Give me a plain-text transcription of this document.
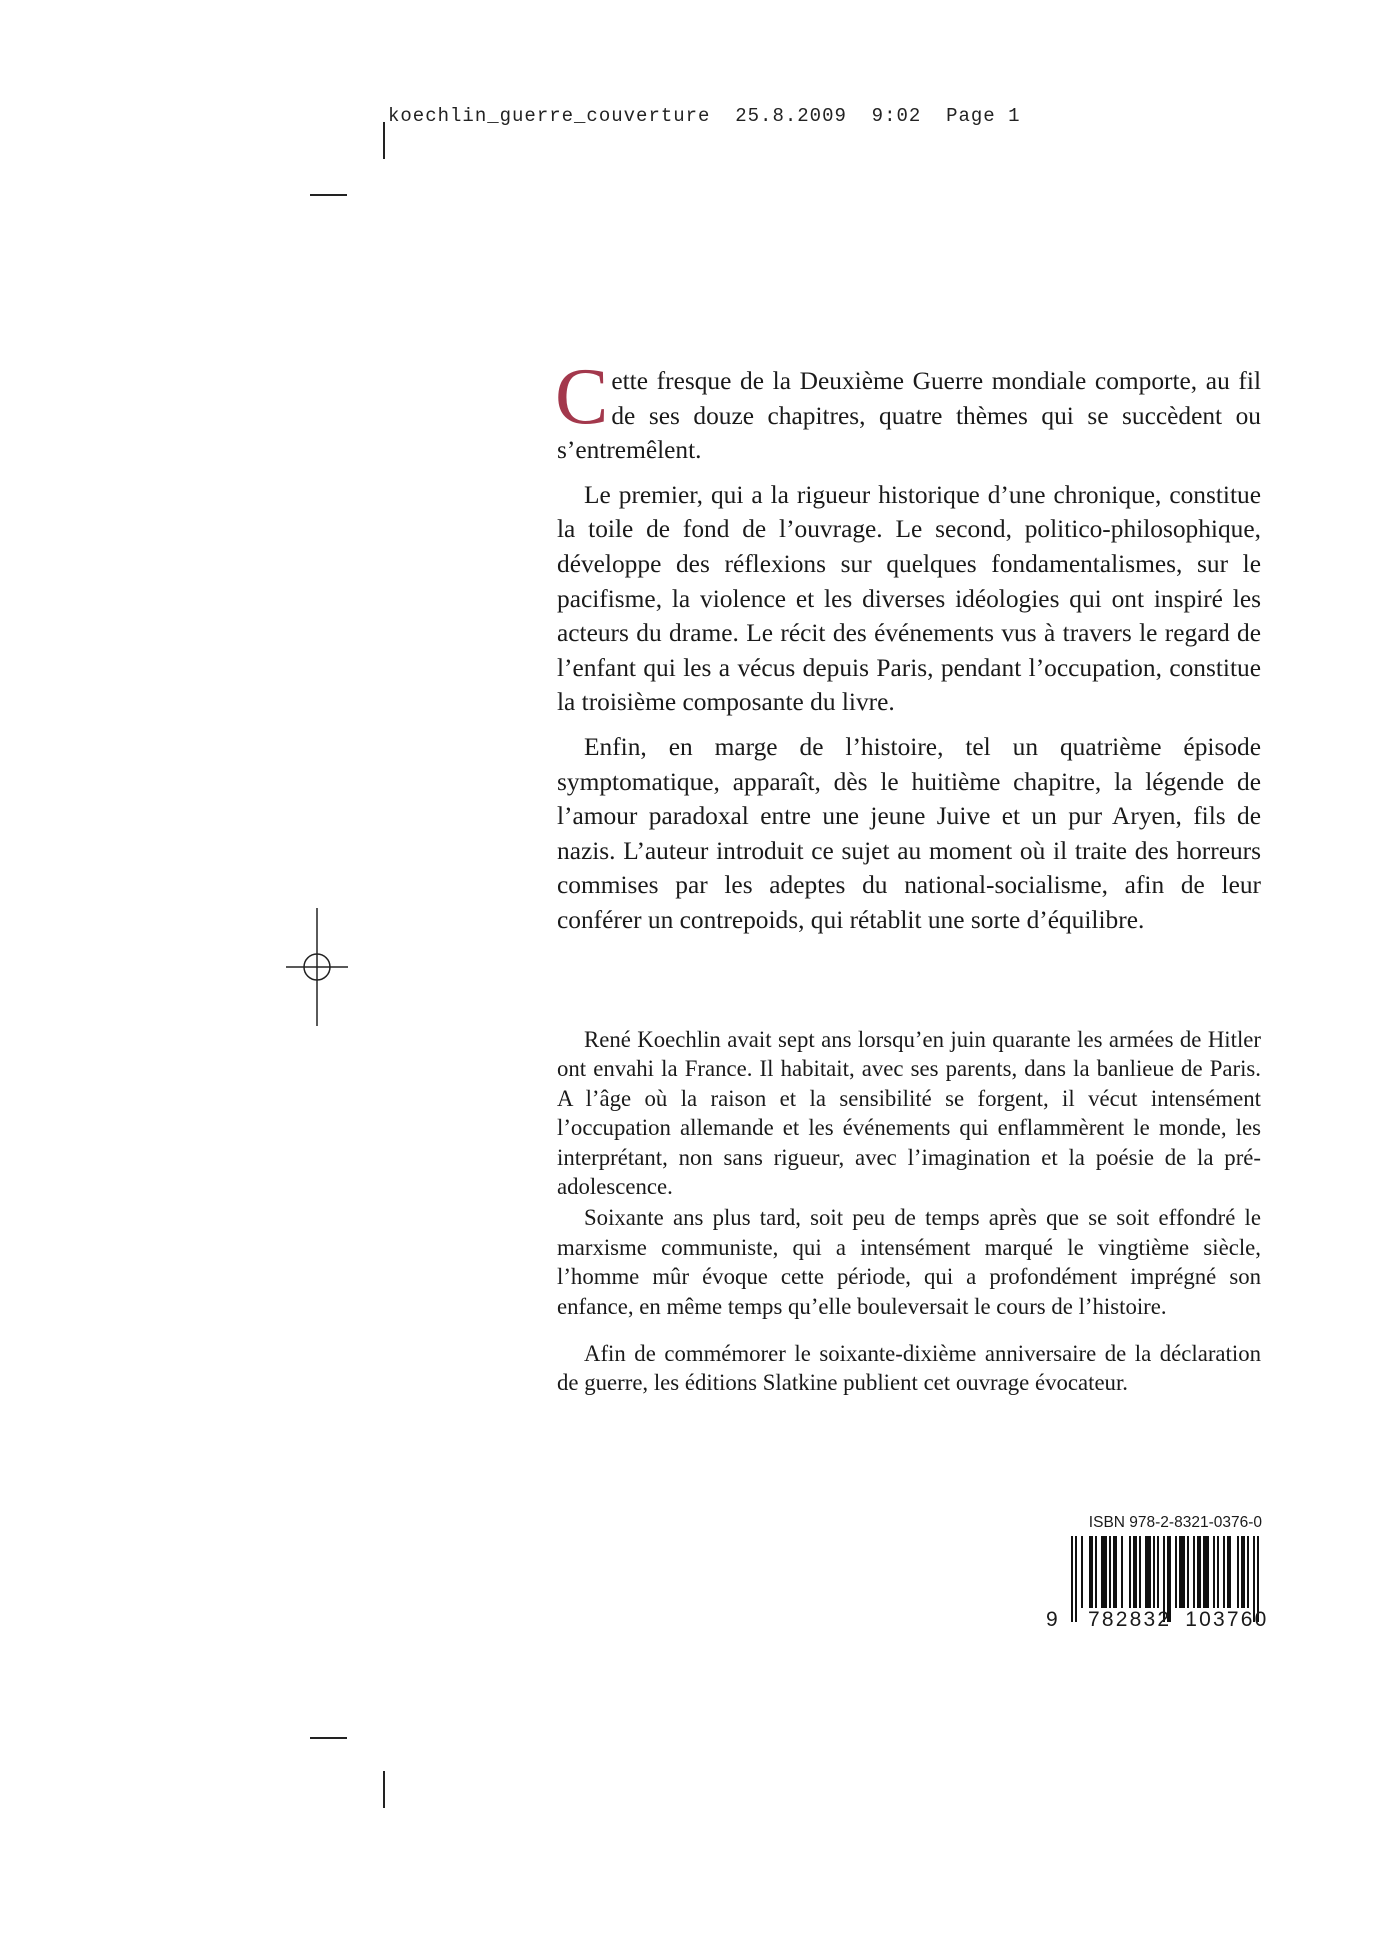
koechlin_guerre_couverture  25.8.2009  9:02  Page 1

Cette fresque de la Deuxième Guerre mondiale comporte, au fil de ses douze chapitres, quatre thèmes qui se succèdent ou s’entremêlent.

Le premier, qui a la rigueur historique d’une chronique, constitue la toile de fond de l’ouvrage. Le second, politico-philosophique, développe des réflexions sur quelques fondamentalismes, sur le pacifisme, la violence et les diverses idéologies qui ont inspiré les acteurs du drame. Le récit des événements vus à travers le regard de l’enfant qui les a vécus depuis Paris, pendant l’occupation, constitue la troisième composante du livre.

Enfin, en marge de l’histoire, tel un quatrième épisode symptomatique, apparaît, dès le huitième chapitre, la légende de l’amour paradoxal entre une jeune Juive et un pur Aryen, fils de nazis. L’auteur introduit ce sujet au moment où il traite des horreurs commises par les adeptes du national-socialisme, afin de leur conférer un contrepoids, qui rétablit une sorte d’équilibre.

René Koechlin avait sept ans lorsqu’en juin quarante les armées de Hitler ont envahi la France. Il habitait, avec ses parents, dans la banlieue de Paris. A l’âge où la raison et la sensibilité se forgent, il vécut intensément l’occupation allemande et les événements qui enflammèrent le monde, les interprétant, non sans rigueur, avec l’imagination et la poésie de la pré-adolescence.

Soixante ans plus tard, soit peu de temps après que se soit effondré le marxisme communiste, qui a intensément marqué le vingtième siècle, l’homme mûr évoque cette période, qui a profondément imprégné son enfance, en même temps qu’elle bouleversait le cours de l’histoire.

Afin de commémorer le soixante-dixième anniversaire de la déclaration de guerre, les éditions Slatkine publient cet ouvrage évocateur.

ISBN 978-2-8321-0376-0
9 782832 103760
